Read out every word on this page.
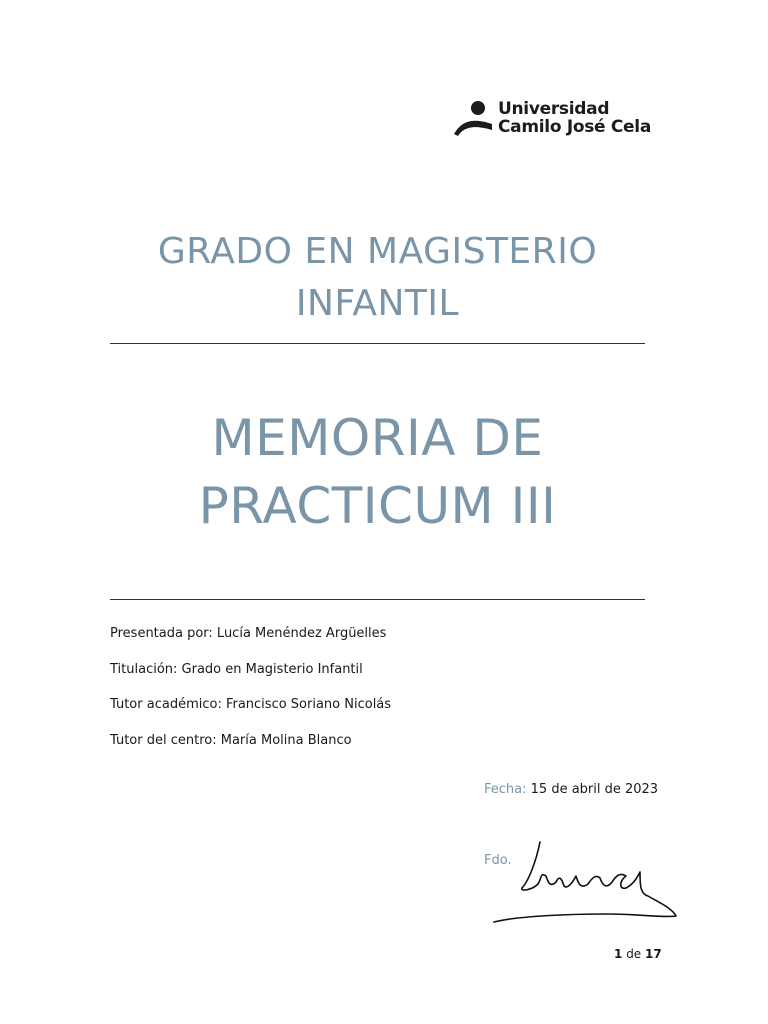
Universidad
Camilo José Cela
GRADO EN MAGISTERIO
INFANTIL
MEMORIA DE
PRACTICUM III
Presentada por: Lucía Menéndez Argüelles
Titulación: Grado en Magisterio Infantil
Tutor académico: Francisco Soriano Nicolás
Tutor del centro: María Molina Blanco
Fecha: 15 de abril de 2023
Fdo.
1 de 17
